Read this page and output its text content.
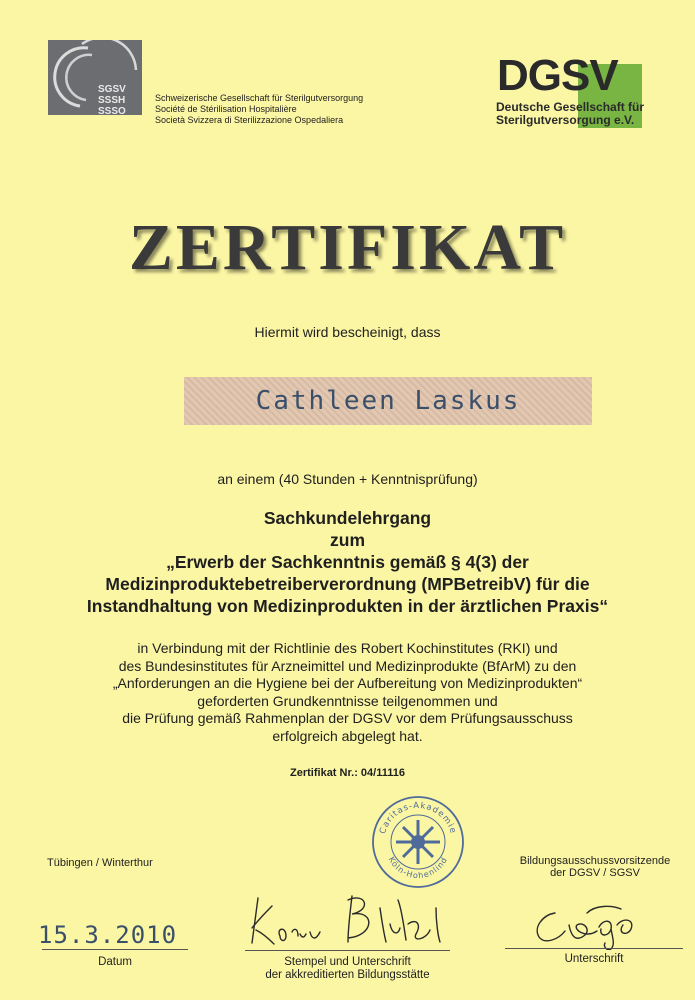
SGSV
SSSH
SSSO
Schweizerische Gesellschaft für Sterilgutversorgung
Société de Stérilisation Hospitalière
Società Svizzera di Sterilizzazione Ospedaliera
DGSV
Deutsche Gesellschaft für
Sterilgutversorgung e.V.
ZERTIFIKAT
Hiermit wird bescheinigt, dass
Cathleen Laskus
an einem (40 Stunden + Kenntnisprüfung)
Sachkundelehrgang
zum
„Erwerb der Sachkenntnis gemäß § 4(3) der
Medizinproduktebetreiberverordnung (MPBetreibV) für die
Instandhaltung von Medizinprodukten in der ärztlichen Praxis“
in Verbindung mit der Richtlinie des Robert Kochinstitutes (RKI) und
des Bundesinstitutes für Arzneimittel und Medizinprodukte (BfArM) zu den
„Anforderungen an die Hygiene bei der Aufbereitung von Medizinprodukten“
geforderten Grundkenntnisse teilgenommen und
die Prüfung gemäß Rahmenplan der DGSV vor dem Prüfungsausschuss
erfolgreich abgelegt hat.
Zertifikat Nr.: 04/11116
Caritas-Akademie
Köln-Hohenlind
Tübingen / Winterthur	Bildungsausschussvorsitzende
der DGSV / SGSV
15.3.2010
Datum	Stempel und Unterschrift
der akkreditierten Bildungsstätte
Unterschrift
